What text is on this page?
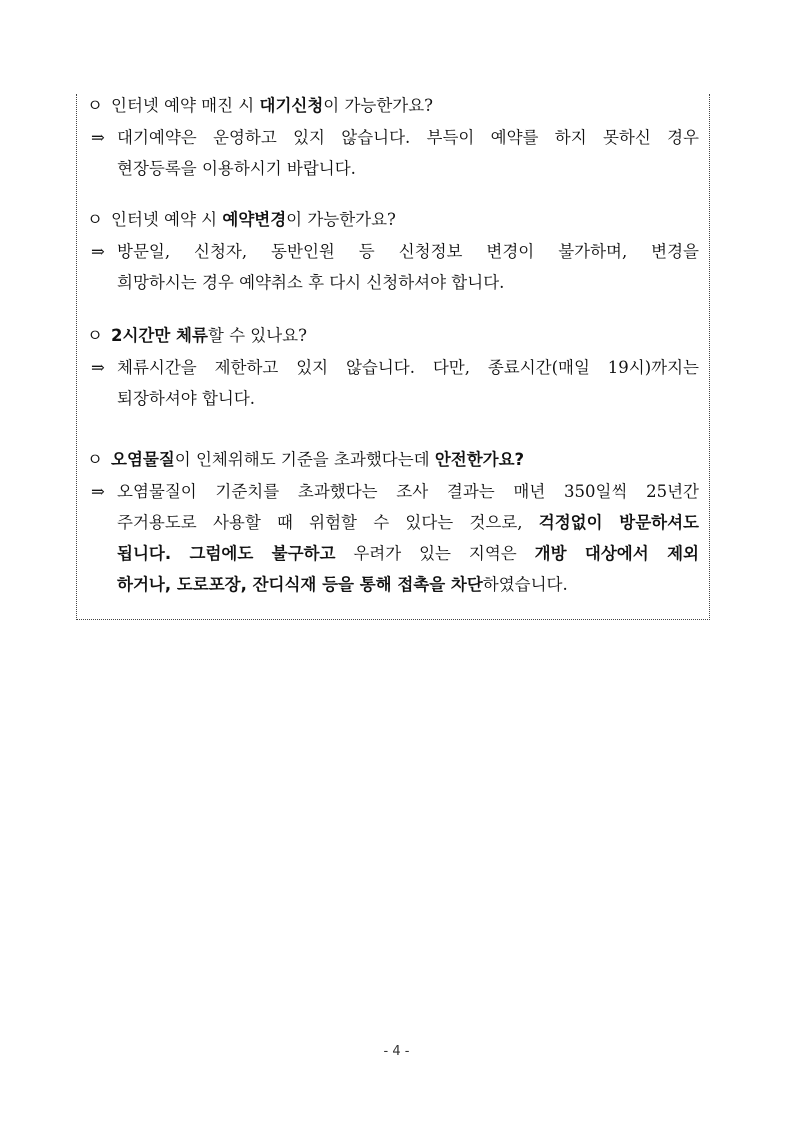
ㅇ 인터넷 예약 매진 시 대기신청이 가능한가요?
⇒ 대기예약은 운영하고 있지 않습니다. 부득이 예약를 하지 못하신 경우
현장등록을 이용하시기 바랍니다.
ㅇ 인터넷 예약 시 예약변경이 가능한가요?
⇒ 방문일, 신청자, 동반인원 등 신청정보 변경이 불가하며, 변경을
희망하시는 경우 예약취소 후 다시 신청하셔야 합니다.
ㅇ 2시간만 체류할 수 있나요?
⇒ 체류시간을 제한하고 있지 않습니다. 다만, 종료시간(매일 19시)까지는
퇴장하셔야 합니다.
ㅇ 오염물질이 인체위해도 기준을 초과했다는데 안전한가요?
⇒ 오염물질이 기준치를 초과했다는 조사 결과는 매년 350일씩 25년간
주거용도로 사용할 때 위험할 수 있다는 것으로, 걱정없이 방문하셔도
됩니다. 그럼에도 불구하고 우려가 있는 지역은 개방 대상에서 제외
하거나, 도로포장, 잔디식재 등을 통해 접촉을 차단하였습니다.
- 4 -
